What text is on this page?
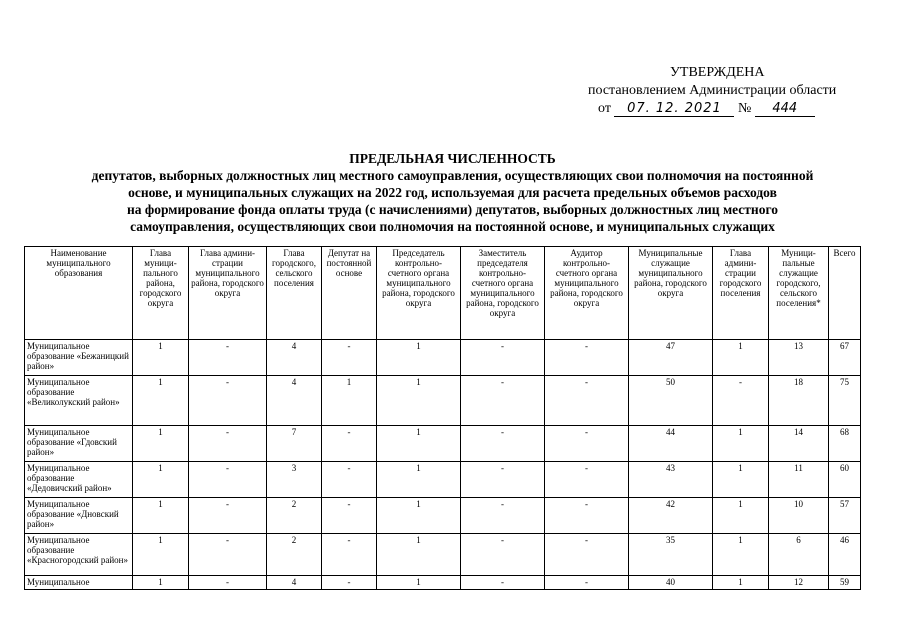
УТВЕРЖДЕНА
постановлением Администрации области
от 07. 12. 2021 № 444
ПРЕДЕЛЬНАЯ ЧИСЛЕННОСТЬ
депутатов, выборных должностных лиц местного самоуправления, осуществляющих свои полномочия на постоянной
основе, и муниципальных служащих на 2022 год, используемая для расчета предельных объемов расходов
на формирование фонда оплаты труда (с начислениями) депутатов, выборных должностных лиц местного
самоуправления, осуществляющих свои полномочия на постоянной основе, и муниципальных служащих
Наименование муниципального образования	Глава муници-пального района, городского округа	Глава админи-страции муниципального района, городского округа	Глава городского, сельского поселения	Депутат на постоянной основе	Председатель контрольно-счетного органа муниципального района, городского округа	Заместитель председателя контрольно-счетного органа муниципального района, городского округа	Аудитор контрольно-счетного органа муниципального района, городского округа	Муниципальные служащие муниципального района, городского округа	Глава админи-страции городского поселения	Муници-пальные служащие городского, сельского поселения*	Всего
Муниципальное образование «Бежаницкий район»	1	-	4	-	1	-	-	47	1	13	67
Муниципальное образование «Великолукский район»	1	-	4	1	1	-	-	50	-	18	75
Муниципальное образование «Гдовский район»	1	-	7	-	1	-	-	44	1	14	68
Муниципальное образование «Дедовичский район»	1	-	3	-	1	-	-	43	1	11	60
Муниципальное образование «Дновский район»	1	-	2	-	1	-	-	42	1	10	57
Муниципальное образование «Красногородский район»	1	-	2	-	1	-	-	35	1	6	46
Муниципальное	1	-	4	-	1	-	-	40	1	12	59
